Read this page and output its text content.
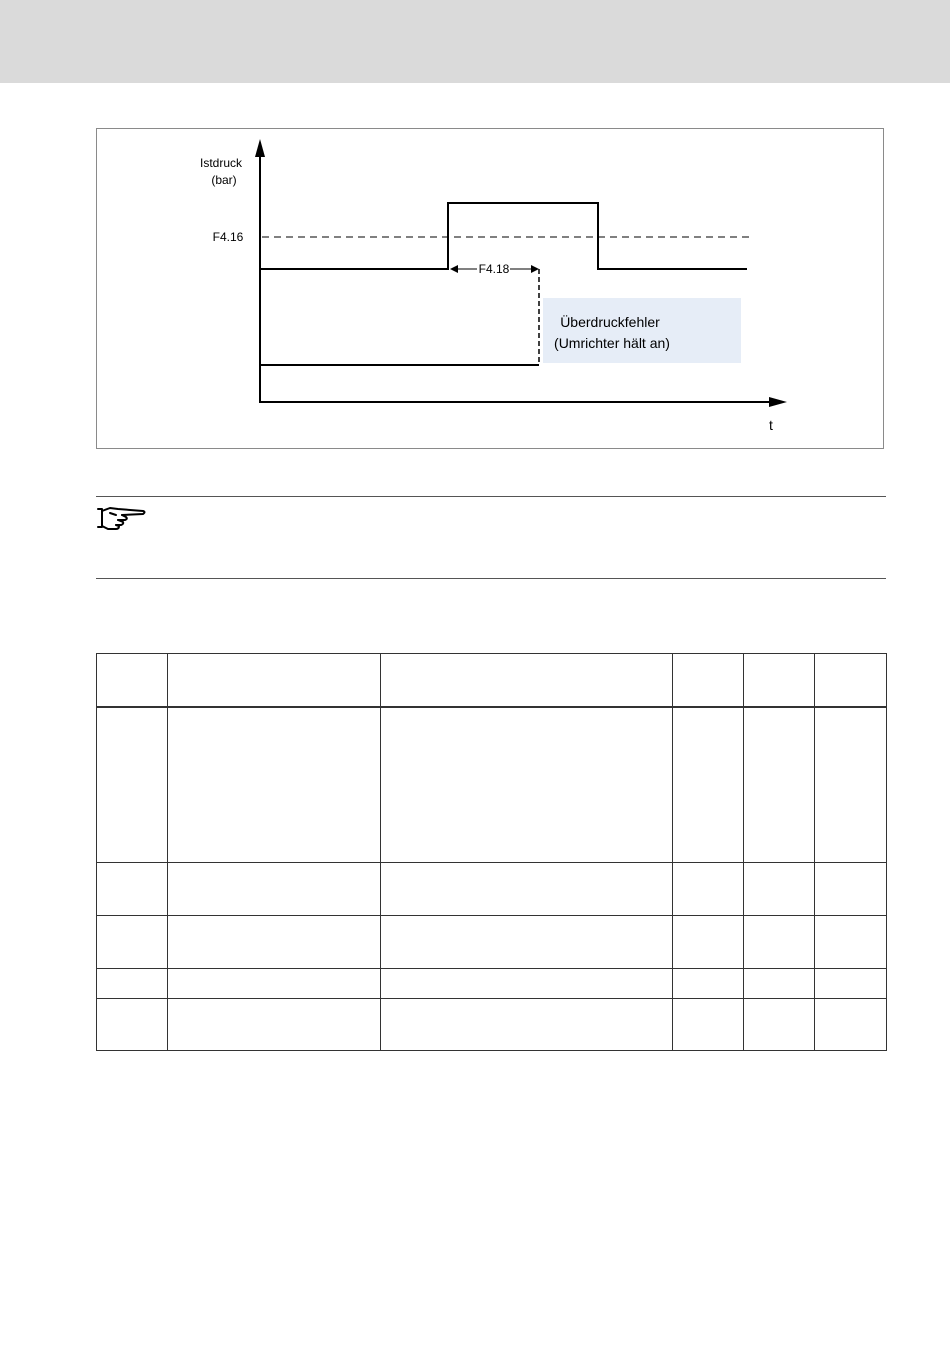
Istdruck
(bar)
F4.16
F4.18
Überdruckfehler
(Umrichter hält an)
t
